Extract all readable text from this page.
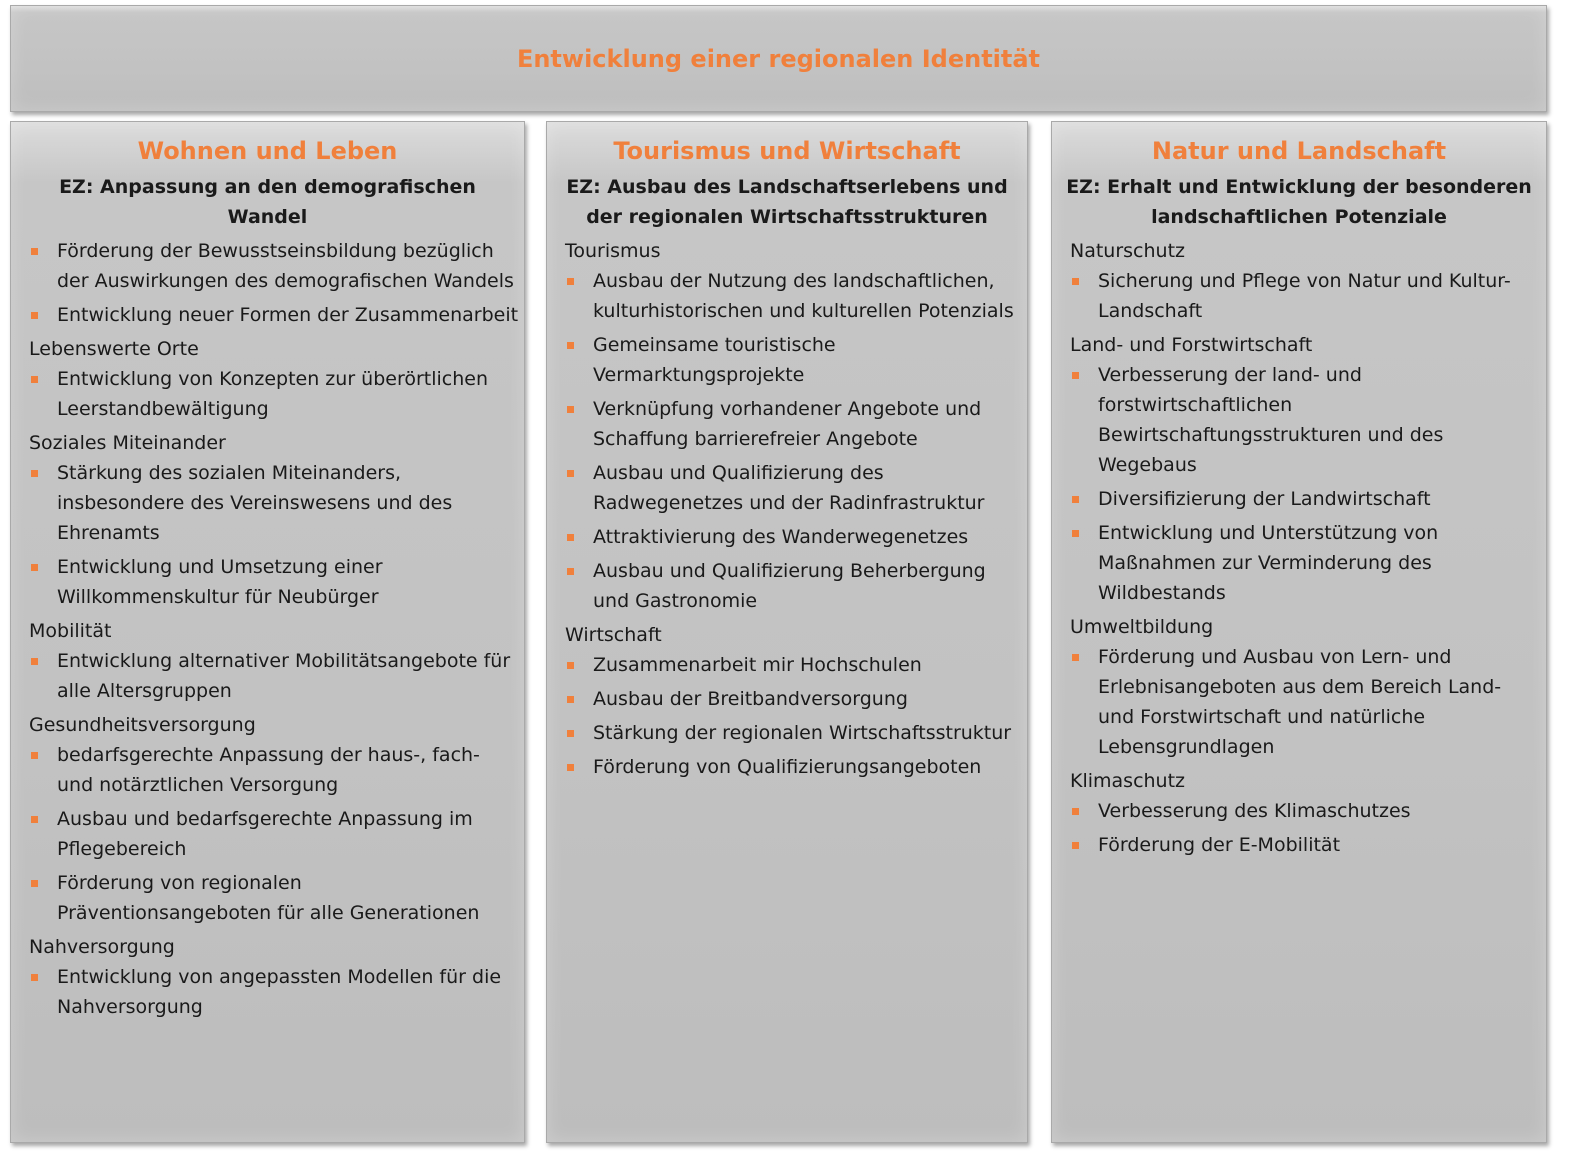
Entwicklung einer regionalen Identität
Wohnen und Leben
EZ: Anpassung an den demografischen Wandel
Förderung der Bewusstseinsbildung bezüglich der Auswirkungen des demografischen Wandels
Entwicklung neuer Formen der Zusammenarbeit
Lebenswerte Orte
Entwicklung von Konzepten zur überörtlichen Leerstandbewältigung
Soziales Miteinander
Stärkung des sozialen Miteinanders, insbesondere des Vereinswesens und des Ehrenamts
Entwicklung und Umsetzung einer Willkommenskultur für Neubürger
Mobilität
Entwicklung alternativer Mobilitätsangebote für alle Altersgruppen
Gesundheitsversorgung
bedarfsgerechte Anpassung der haus-, fach- und notärztlichen Versorgung
Ausbau und bedarfsgerechte Anpassung im Pflegebereich
Förderung von regionalen Präventionsangeboten für alle Generationen
Nahversorgung
Entwicklung von angepassten Modellen für die Nahversorgung
Tourismus und Wirtschaft
EZ: Ausbau des Landschaftserlebens und der regionalen Wirtschaftsstrukturen
Tourismus
Ausbau der Nutzung des landschaftlichen, kulturhistorischen und kulturellen Potenzials
Gemeinsame touristische Vermarktungsprojekte
Verknüpfung vorhandener Angebote und Schaffung barrierefreier Angebote
Ausbau und Qualifizierung des Radwegenetzes und der Radinfrastruktur
Attraktivierung des Wanderwegenetzes
Ausbau und Qualifizierung Beherbergung und Gastronomie
Wirtschaft
Zusammenarbeit mir Hochschulen
Ausbau der Breitbandversorgung
Stärkung der regionalen Wirtschaftsstruktur
Förderung von Qualifizierungsangeboten
Natur und Landschaft
EZ: Erhalt und Entwicklung der besonderen landschaftlichen Potenziale
Naturschutz
Sicherung und Pflege von Natur und Kultur-Landschaft
Land- und Forstwirtschaft
Verbesserung der land- und forstwirtschaftlichen Bewirtschaftungsstrukturen und des Wegebaus
Diversifizierung der Landwirtschaft
Entwicklung und Unterstützung von Maßnahmen zur Verminderung des Wildbestands
Umweltbildung
Förderung und Ausbau von Lern- und Erlebnisangeboten aus dem Bereich Land- und Forstwirtschaft und natürliche Lebensgrundlagen
Klimaschutz
Verbesserung des Klimaschutzes
Förderung der E-Mobilität
